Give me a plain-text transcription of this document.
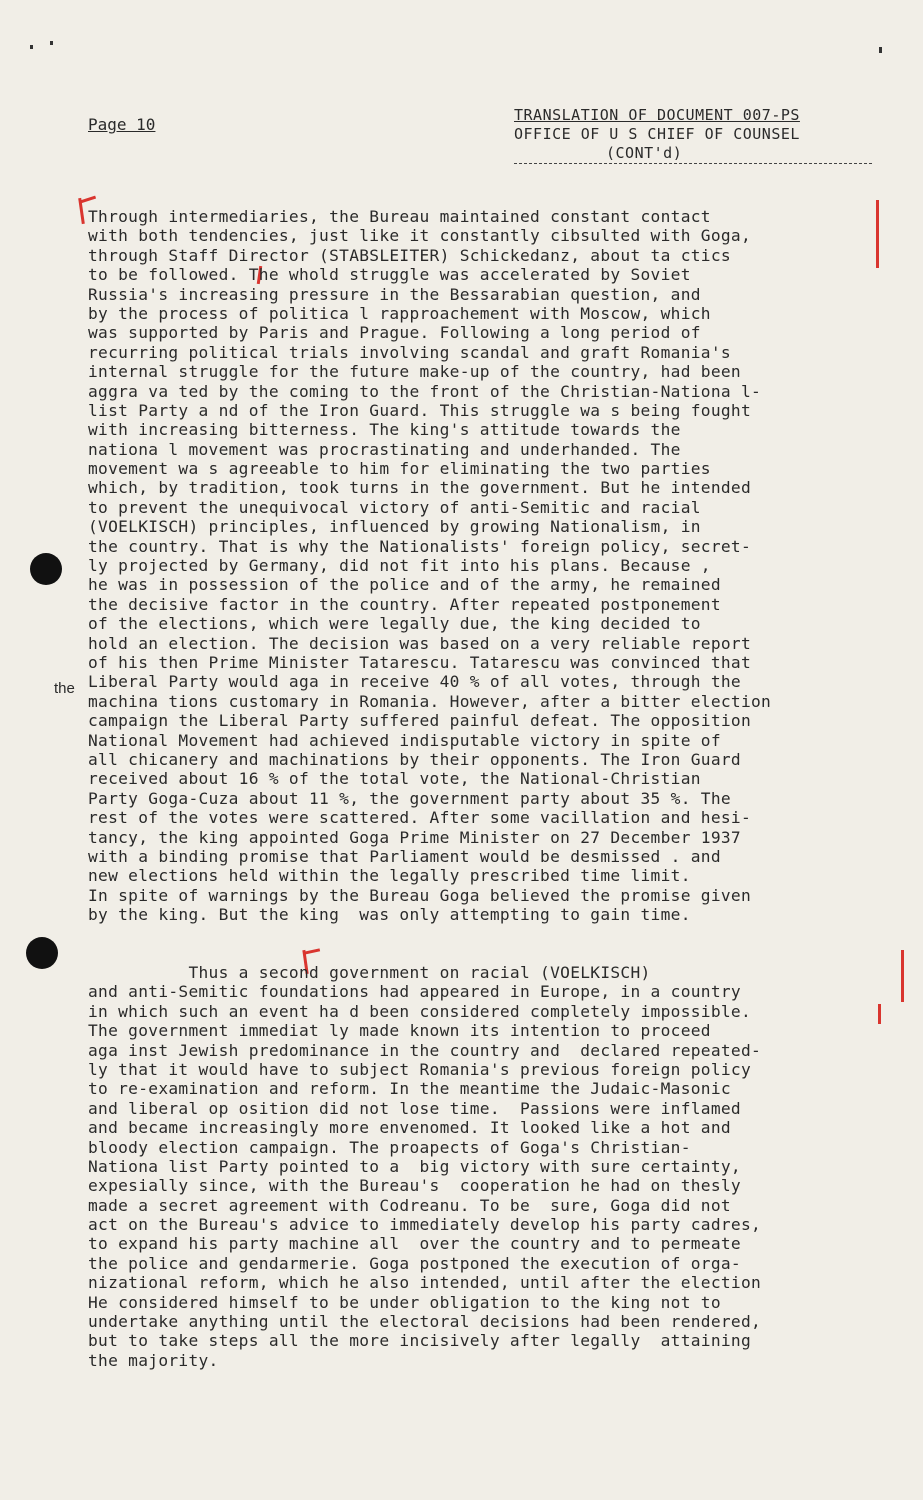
Page 10	TRANSLATION OF DOCUMENT 007-PS
OFFICE OF U S CHIEF OF COUNSEL
(CONT'd)
the
Through intermediaries, the Bureau maintained constant contact
with both tendencies, just like it constantly cibsulted with Goga,
through Staff Director (STABSLEITER) Schickedanz, about ta ctics
to be followed. The whold struggle was accelerated by Soviet
Russia's increasing pressure in the Bessarabian question, and
by the process of politica l rapproachement with Moscow, which
was supported by Paris and Prague. Following a long period of
recurring political trials involving scandal and graft Romania's
internal struggle for the future make-up of the country, had been
aggra va ted by the coming to the front of the Christian-Nationa l-
list Party a nd of the Iron Guard. This struggle wa s being fought
with increasing bitterness. The king's attitude towards the
nationa l movement was procrastinating and underhanded. The
movement wa s agreeable to him for eliminating the two parties
which, by tradition, took turns in the government. But he intended
to prevent the unequivocal victory of anti-Semitic and racial
(VOELKISCH) principles, influenced by growing Nationalism, in
the country. That is why the Nationalists' foreign policy, secret-
ly projected by Germany, did not fit into his plans. Because ,
he was in possession of the police and of the army, he remained
the decisive factor in the country. After repeated postponement
of the elections, which were legally due, the king decided to
hold an election. The decision was based on a very reliable report
of his then Prime Minister Tatarescu. Tatarescu was convinced that
Liberal Party would aga in receive 40 % of all votes, through the
machina tions customary in Romania. However, after a bitter election
campaign the Liberal Party suffered painful defeat. The opposition
National Movement had achieved indisputable victory in spite of
all chicanery and machinations by their opponents. The Iron Guard
received about 16 % of the total vote, the National-Christian
Party Goga-Cuza about 11 %, the government party about 35 %. The
rest of the votes were scattered. After some vacillation and hesi-
tancy, the king appointed Goga Prime Minister on 27 December 1937
with a binding promise that Parliament would be desmissed . and
new elections held within the legally prescribed time limit.
In spite of warnings by the Bureau Goga believed the promise given
by the king. But the king  was only attempting to gain time.
Thus a second government on racial (VOELKISCH)
and anti-Semitic foundations had appeared in Europe, in a country
in which such an event ha d been considered completely impossible.
The government immediat ly made known its intention to proceed
aga inst Jewish predominance in the country and  declared repeated-
ly that it would have to subject Romania's previous foreign policy
to re-examination and reform. In the meantime the Judaic-Masonic
and liberal op osition did not lose time.  Passions were inflamed
and became increasingly more envenomed. It looked like a hot and
bloody election campaign. The proapects of Goga's Christian-
Nationa list Party pointed to a  big victory with sure certainty,
expesially since, with the Bureau's  cooperation he had on thesly
made a secret agreement with Codreanu. To be  sure, Goga did not
act on the Bureau's advice to immediately develop his party cadres,
to expand his party machine all  over the country and to permeate
the police and gendarmerie. Goga postponed the execution of orga-
nizational reform, which he also intended, until after the election
He considered himself to be under obligation to the king not to
undertake anything until the electoral decisions had been rendered,
but to take steps all the more incisively after legally  attaining
the majority.
